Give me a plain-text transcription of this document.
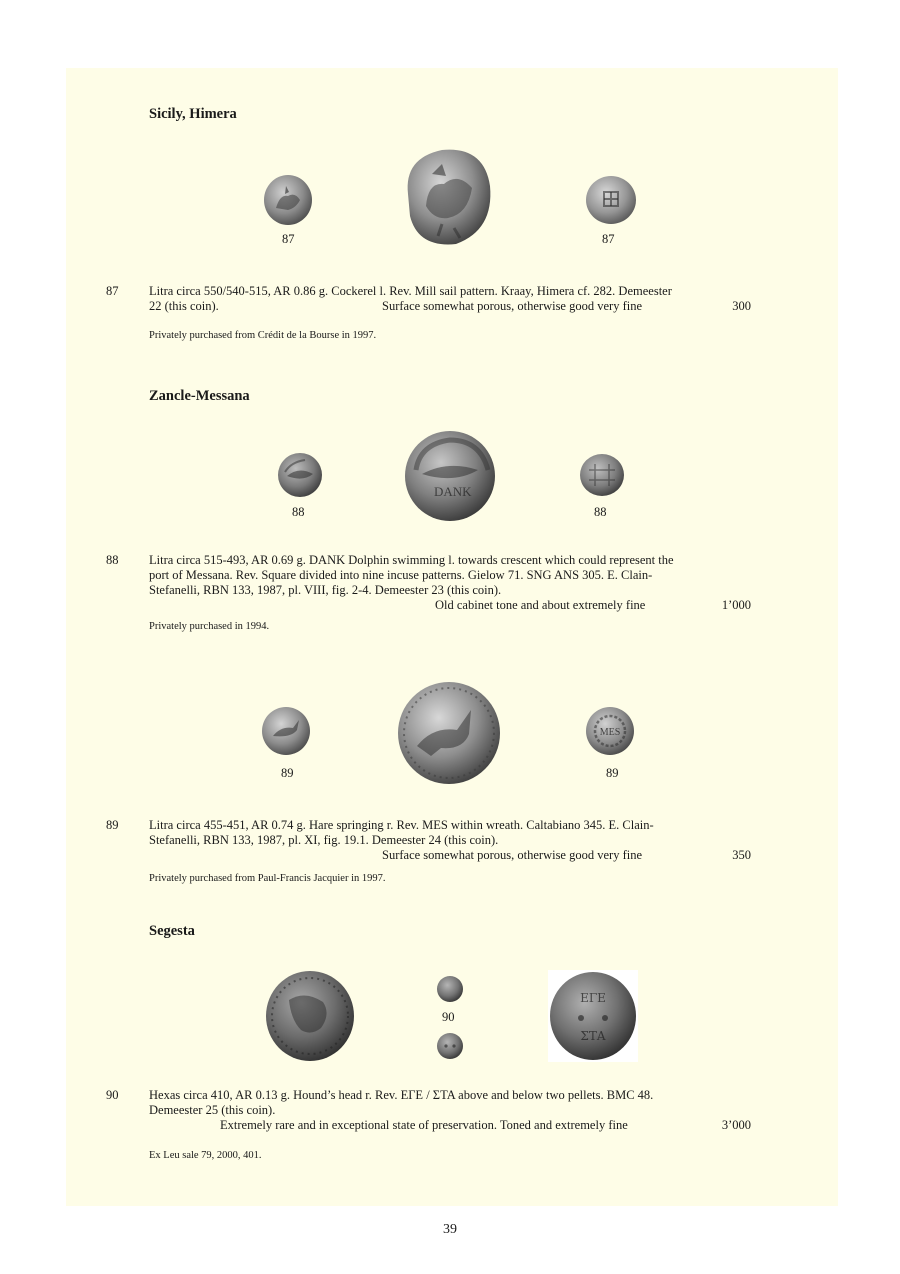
Sicily, Himera
87	87
87 Litra circa 550/540-515, AR 0.86 g. Cockerel l. Rev. Mill sail pattern. Kraay, Himera cf. 282. Demeester
22 (this coin).	Surface somewhat porous, otherwise good very fine	300
Privately purchased from Crédit de la Bourse in 1997.
Zancle-Messana
DANK
88	88
88 Litra circa 515-493, AR 0.69 g. DANK Dolphin swimming l. towards crescent which could represent the
port of Messana. Rev. Square divided into nine incuse patterns. Gielow 71. SNG ANS 305. E. Clain-
Stefanelli, RBN 133, 1987, pl. VIII, fig. 2-4. Demeester 23 (this coin).
Old cabinet tone and about extremely fine	1’000
Privately purchased in 1994.
MES
89	89
89 Litra circa 455-451, AR 0.74 g. Hare springing r. Rev. MES within wreath. Caltabiano 345. E. Clain-
Stefanelli, RBN 133, 1987, pl. XI, fig. 19.1. Demeester 24 (this coin).
Surface somewhat porous, otherwise good very fine	350
Privately purchased from Paul-Francis Jacquier in 1997.
Segesta
90
ΕΓΕ
ΣΤΑ
90 Hexas circa 410, AR 0.13 g. Hound’s head r. Rev. ΕΓΕ / ΣΤΑ above and below two pellets. BMC 48.
Demeester 25 (this coin).
Extremely rare and in exceptional state of preservation. Toned and extremely fine	3’000
Ex Leu sale 79, 2000, 401.
39
